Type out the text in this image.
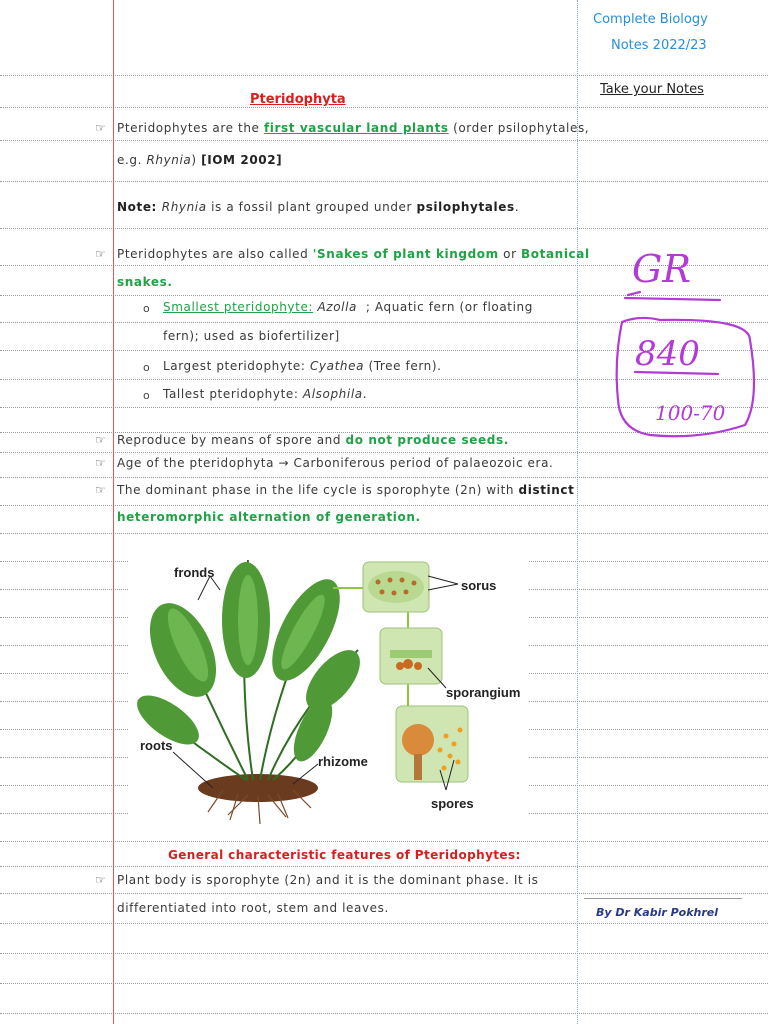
Complete Biology
Notes 2022/23
Take your Notes
Pteridophyta
☞ Pteridophytes are the first vascular land plants (order psilophytales,
e.g. Rhynia) [IOM 2002]
Note: Rhynia is a fossil plant grouped under psilophytales.
☞ Pteridophytes are also called 'Snakes of plant kingdom or Botanical
snakes.
o Smallest pteridophyte: Azolla ; Aquatic fern (or floating
fern); used as biofertilizer]
o Largest pteridophyte: Cyathea (Tree fern).
o Tallest pteridophyte: Alsophila.
☞ Reproduce by means of spore and do not produce seeds.
☞ Age of the pteridophyta → Carboniferous period of palaeozoic era.
☞ The dominant phase in the life cycle is sporophyte (2n) with distinct
heteromorphic alternation of generation.
fronds
sorus
sporangium
roots
rhizome
spores
General characteristic features of Pteridophytes:
☞ Plant body is sporophyte (2n) and it is the dominant phase. It is
differentiated into root, stem and leaves.	By Dr Kabir Pokhrel
GR
840
100-70
